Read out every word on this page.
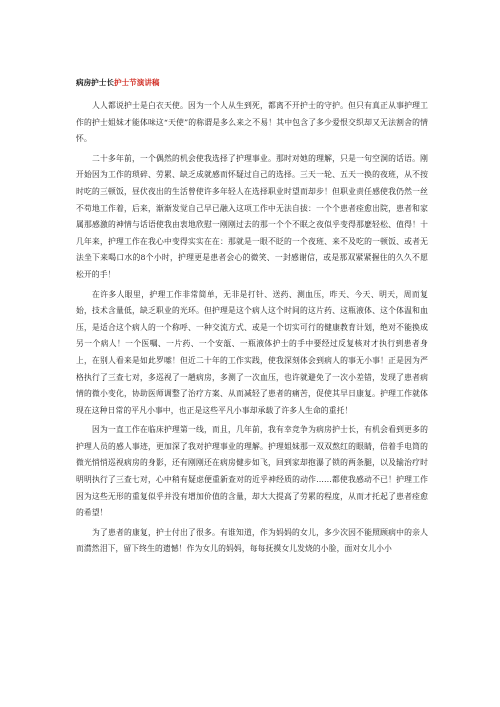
病房护士长护士节演讲稿

人人都说护士是白衣天使。因为一个人从生到死，都离不开护士的守护。但只有真正从事护理工作的护士姐妹才能体味这“天使”的称谓是多么来之不易！其中包含了多少爱恨交织却又无法割舍的情怀。

二十多年前，一个偶然的机会使我选择了护理事业。那时对她的理解，只是一句空洞的话语。刚开始因为工作的琐碎、劳累、缺乏成就感而怀疑过自己的选择。三天一轮、五天一换的夜班，从不按时吃的三顿饭，昼伏夜出的生活曾使许多年轻人在选择职业时望而却步！但职业责任感使我仍然一丝不苟地工作着，后来，渐渐发觉自己早已融入这项工作中无法自拔：一个个患者痊愈出院，患者和家属那感激的神情与话语使我由衷地欣慰一刚刚过去的那一个个不眠之夜似乎变得那麽轻松、值得！十几年来，护理工作在我心中变得实实在在：那就是一眼不眨的一个夜班、来不及吃的一顿饭、或者无法坐下来喝口水的8个小时，护理更是患者会心的微笑、一封感谢信，或是那双紧紧握住的久久不愿松开的手！

在许多人眼里，护理工作非常简单，无非是打针、送药、测血压，昨天、今天、明天，周而复始，技术含量低，缺乏职业的光环。但护理是这个病人这个时间的这片药、这瓶液体、这个体温和血压，是适合这个病人的一个称呼、一种交流方式、或是一个切实可行的健康教育计划，绝对不能换成另一个病人！一个医嘱、一片药、一个安瓿、一瓶液体护士的手中要经过反复核对才执行到患者身上，在别人看来是如此罗嗦！但近二十年的工作实践，使我深刻体会到病人的事无小事！正是因为严格执行了三查七对，多巡视了一趟病房，多测了一次血压，也许就避免了一次小差错，发现了患者病情的微小变化，协助医师调整了治疗方案、从而减轻了患者的痛苦，促使其早日康复。护理工作就体现在这种日常的平凡小事中，也正是这些平凡小事却承载了许多人生命的重托！

因为一直工作在临床护理第一线，而且，几年前，我有幸竞争为病房护士长，有机会看到更多的护理人员的感人事迹，更加深了我对护理事业的理解。护理姐妹那一双双熬红的眼睛，倍着手电筒的微光悄悄巡视病房的身影，还有刚刚还在病房健步如飞，回到家却抱瀑了锁的两条腿，以及输治疗时明明执行了三查七对，心中稍有疑虑便重新查对的近乎神经质的动作……都使我感动不已！护理工作因为这些无形的重复似乎并没有增加价值的含量，却大大提高了劳累的程度，从而才托起了患者痊愈的希望！

为了患者的康复，护士付出了很多。有谁知道，作为妈妈的女儿，多少次因不能照顾病中的亲人而潸然泪下，留下终生的遗憾！作为女儿的妈妈，每每抚摸女儿发烧的小脸，面对女儿小小
